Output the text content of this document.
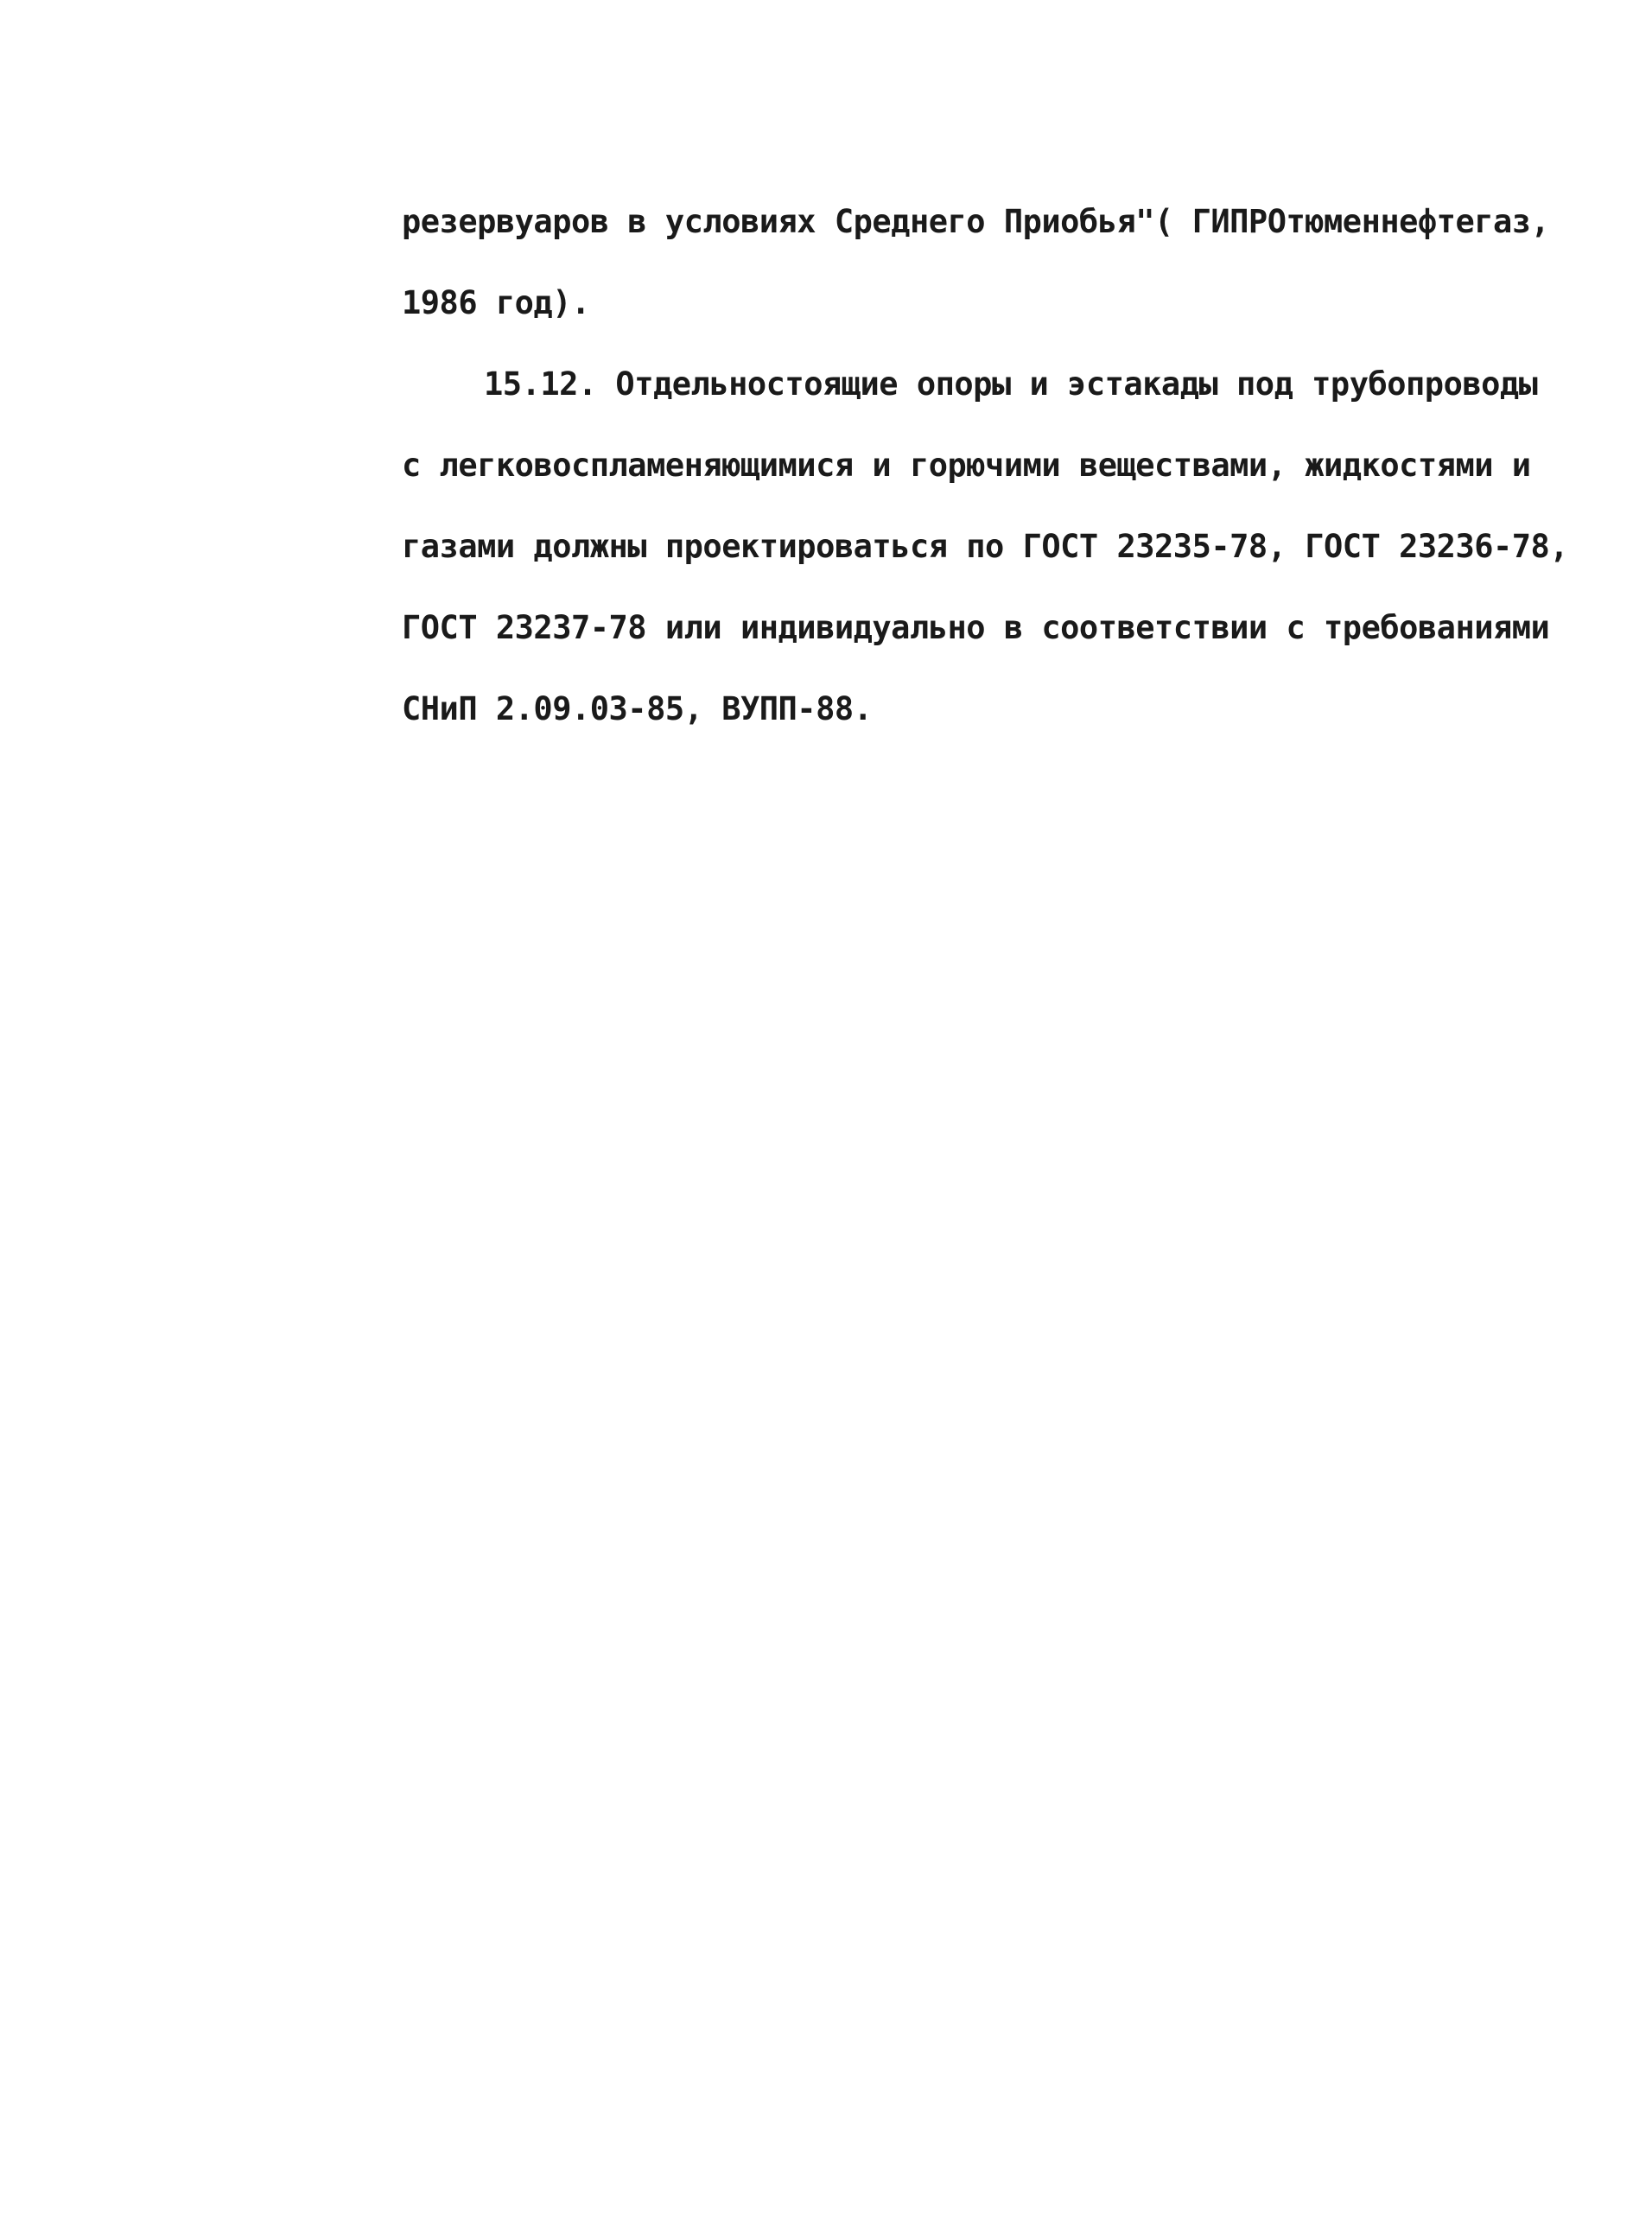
резервуаров в условиях Среднего Приобья"( ГИПРОтюменнефтегаз,
1986 год).
15.12. Отдельностоящие опоры и эстакады под трубопроводы
с легковоспламеняющимися и горючими веществами, жидкостями и
газами должны проектироваться по ГОСТ 23235-78, ГОСТ 23236-78,
ГОСТ 23237-78 или индивидуально в соответствии с требованиями
СНиП 2.09.03-85, ВУПП-88.
